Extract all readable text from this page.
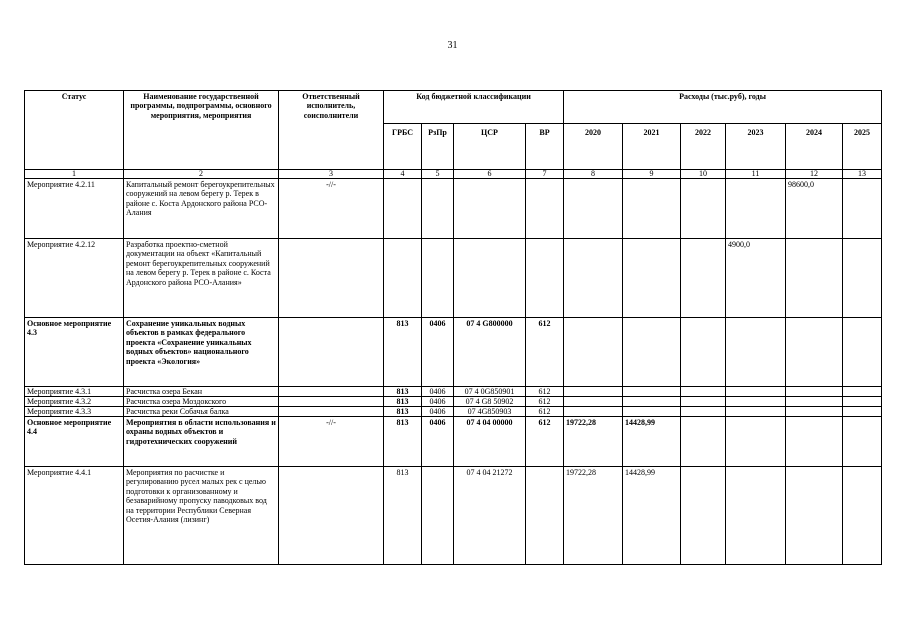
31
Статус	Наименование государственной программы, подпрограммы, основного мероприятия, мероприятия	Ответственный исполнитель, соисполнители	Код бюджетной классификации				Расходы (тыс.руб), годы					
			ГРБС	РзПр	ЦСР	ВР	2020	2021	2022	2023	2024	2025
1	2	3	4	5	6	7	8	9	10	11	12	13
Мероприятие 4.2.11	Капитальный ремонт берегоукрепительных сооружений на левом берегу р. Терек в районе с. Коста Ардонского района РСО-Алания	-//-									98600,0	
Мероприятие 4.2.12	Разработка проектно-сметной документации на объект «Капитальный ремонт берегоукрепительных сооружений на левом берегу р. Терек в районе с. Коста Ардонского района РСО-Алания»									4900,0		
Основное мероприятие 4.3	Сохранение уникальных водных объектов в рамках федерального проекта «Сохранение уникальных водных объектов» национального проекта «Экология»		813	0406	07 4 G800000	612						
Мероприятие 4.3.1	Расчистка озера Бекан		813	0406	07 4 0G850901	612						
Мероприятие 4.3.2	Расчистка озера Моздокского		813	0406	07 4 G8 50902	612						
Мероприятие 4.3.3	Расчистка реки Собачья балка		813	0406	07 4G850903	612						
Основное мероприятие 4.4	Мероприятия в области использования и охраны водных объектов и гидротехнических сооружений	-//-	813	0406	07 4 04 00000	612	19722,28	14428,99				
Мероприятие 4.4.1	Мероприятия по расчистке и регулированию русел малых рек с целью подготовки к организованному и безаварийному пропуску паводковых вод на территории Республики Северная Осетия-Алания (лизинг)		813		07 4 04 21272		19722,28	14428,99				
